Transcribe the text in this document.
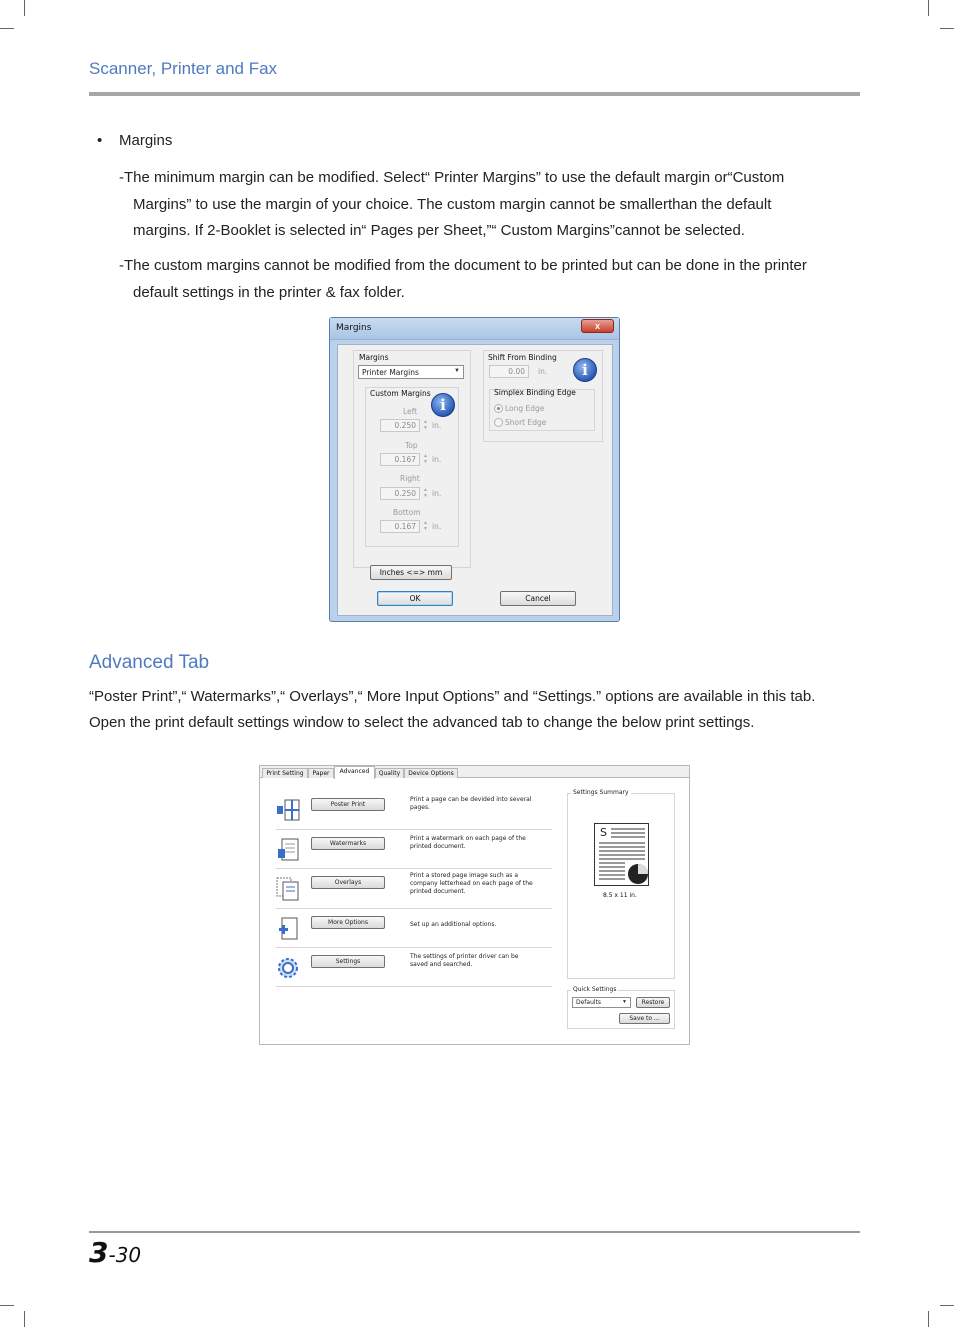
Scanner, Printer and Fax
• Margins
-The minimum margin can be modified. Select“ Printer Margins” to use the default margin or“Custom
Margins” to use the margin of your choice. The custom margin cannot be smallerthan the default
margins. If 2-Booklet is selected in“ Pages per Sheet,”“ Custom Margins”cannot be selected.
-The custom margins cannot be modified from the document to be printed but can be done in the printer
default settings in the printer & fax folder.
Margins	x
Margins
Printer Margins	▼
Custom Margins
i
Left
0.250 ▲
▼ in.
Top
0.167 ▲
▼ in.
Right
0.250 ▲
▼ in.
Bottom
0.167 ▲
▼ in.
Shift From Binding
0.00 in.	i
Simplex Binding Edge
Long Edge
Short Edge
Inches <=> mm
OK	Cancel
Advanced Tab
“Poster Print”,“ Watermarks”,“ Overlays”,“ More Input Options” and “Settings.” options are available in this tab.
Open the print default settings window to select the advanced tab to change the below print settings.
Print Setting	Paper	Advanced	Quality	Device Options
Poster Print
Print a page can be devided into several
pages.
Watermarks
Print a watermark on each page of the
printed document.
Overlays
Print a stored page image such as a
company letterhead on each page of the
printed document.
More Options	Set up an additional options.
Settings
The settings of printer driver can be
saved and searched.
Settings Summary
S
8.5 x 11 in.
Quick Settings
Defaults	▼	Restore
Save to ...
3-30
